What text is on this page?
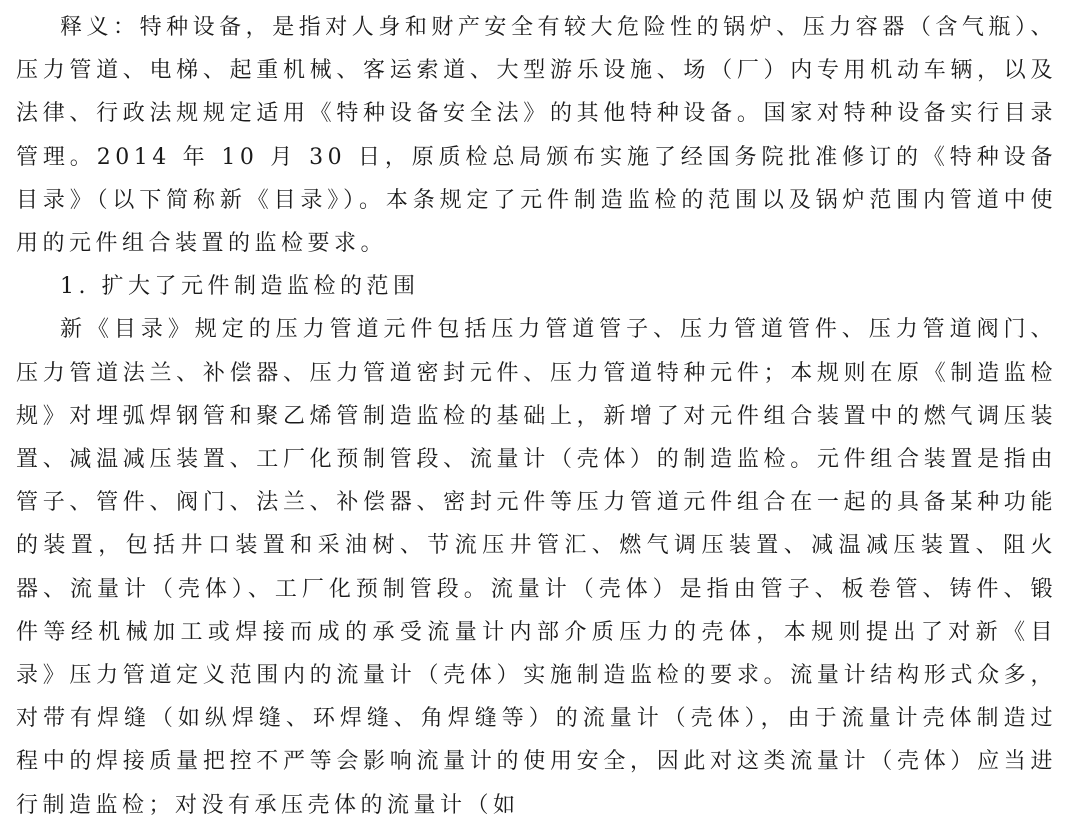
释义：特种设备，是指对人身和财产安全有较大危险性的锅炉、压力容器（含气瓶）、压力管道、电梯、起重机械、客运索道、大型游乐设施、场（厂）内专用机动车辆，以及法律、行政法规规定适用《特种设备安全法》的其他特种设备。国家对特种设备实行目录管理。2014 年 10 月 30 日，原质检总局颁布实施了经国务院批准修订的《特种设备目录》（以下简称新《目录》）。本条规定了元件制造监检的范围以及锅炉范围内管道中使用的元件组合装置的监检要求。

1. 扩大了元件制造监检的范围

新《目录》规定的压力管道元件包括压力管道管子、压力管道管件、压力管道阀门、压力管道法兰、补偿器、压力管道密封元件、压力管道特种元件；本规则在原《制造监检规》对埋弧焊钢管和聚乙烯管制造监检的基础上，新增了对元件组合装置中的燃气调压装置、减温减压装置、工厂化预制管段、流量计（壳体）的制造监检。元件组合装置是指由管子、管件、阀门、法兰、补偿器、密封元件等压力管道元件组合在一起的具备某种功能的装置，包括井口装置和采油树、节流压井管汇、燃气调压装置、减温减压装置、阻火器、流量计（壳体）、工厂化预制管段。流量计（壳体）是指由管子、板卷管、铸件、锻件等经机械加工或焊接而成的承受流量计内部介质压力的壳体，本规则提出了对新《目录》压力管道定义范围内的流量计（壳体）实施制造监检的要求。流量计结构形式众多，对带有焊缝（如纵焊缝、环焊缝、角焊缝等）的流量计（壳体），由于流量计壳体制造过程中的焊接质量把控不严等会影响流量计的使用安全，因此对这类流量计（壳体）应当进行制造监检；对没有承压壳体的流量计（如
